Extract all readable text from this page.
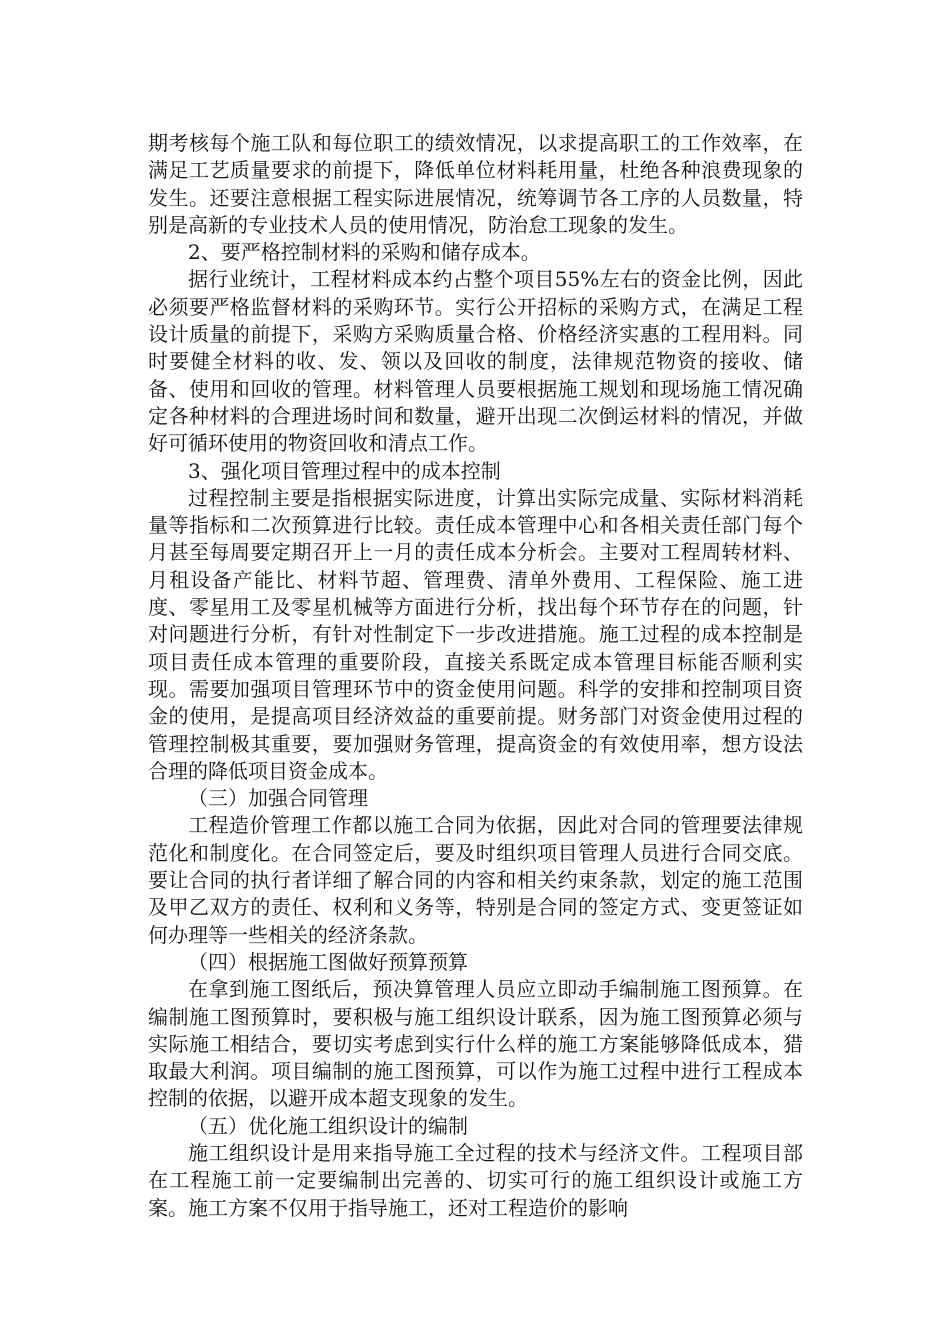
期考核每个施工队和每位职工的绩效情况，以求提高职工的工作效率，在满足工艺质量要求的前提下，降低单位材料耗用量，杜绝各种浪费现象的发生。还要注意根据工程实际进展情况，统筹调节各工序的人员数量，特别是高新的专业技术人员的使用情况，防治怠工现象的发生。

2、要严格控制材料的采购和储存成本。

据行业统计，工程材料成本约占整个项目55%左右的资金比例，因此必须要严格监督材料的采购环节。实行公开招标的采购方式，在满足工程设计质量的前提下，采购方采购质量合格、价格经济实惠的工程用料。同时要健全材料的收、发、领以及回收的制度，法律规范物资的接收、储备、使用和回收的管理。材料管理人员要根据施工规划和现场施工情况确定各种材料的合理进场时间和数量，避开出现二次倒运材料的情况，并做好可循环使用的物资回收和清点工作。

3、强化项目管理过程中的成本控制

过程控制主要是指根据实际进度，计算出实际完成量、实际材料消耗量等指标和二次预算进行比较。责任成本管理中心和各相关责任部门每个月甚至每周要定期召开上一月的责任成本分析会。主要对工程周转材料、月租设备产能比、材料节超、管理费、清单外费用、工程保险、施工进度、零星用工及零星机械等方面进行分析，找出每个环节存在的问题，针对问题进行分析，有针对性制定下一步改进措施。施工过程的成本控制是项目责任成本管理的重要阶段，直接关系既定成本管理目标能否顺利实现。需要加强项目管理环节中的资金使用问题。科学的安排和控制项目资金的使用，是提高项目经济效益的重要前提。财务部门对资金使用过程的管理控制极其重要，要加强财务管理，提高资金的有效使用率，想方设法合理的降低项目资金成本。

（三）加强合同管理

工程造价管理工作都以施工合同为依据，因此对合同的管理要法律规范化和制度化。在合同签定后，要及时组织项目管理人员进行合同交底。要让合同的执行者详细了解合同的内容和相关约束条款，划定的施工范围及甲乙双方的责任、权利和义务等，特别是合同的签定方式、变更签证如何办理等一些相关的经济条款。

（四）根据施工图做好预算预算

在拿到施工图纸后，预决算管理人员应立即动手编制施工图预算。在编制施工图预算时，要积极与施工组织设计联系，因为施工图预算必须与实际施工相结合，要切实考虑到实行什么样的施工方案能够降低成本，猎取最大利润。项目编制的施工图预算，可以作为施工过程中进行工程成本控制的依据，以避开成本超支现象的发生。

（五）优化施工组织设计的编制

施工组织设计是用来指导施工全过程的技术与经济文件。工程项目部在工程施工前一定要编制出完善的、切实可行的施工组织设计或施工方案。施工方案不仅用于指导施工，还对工程造价的影响
